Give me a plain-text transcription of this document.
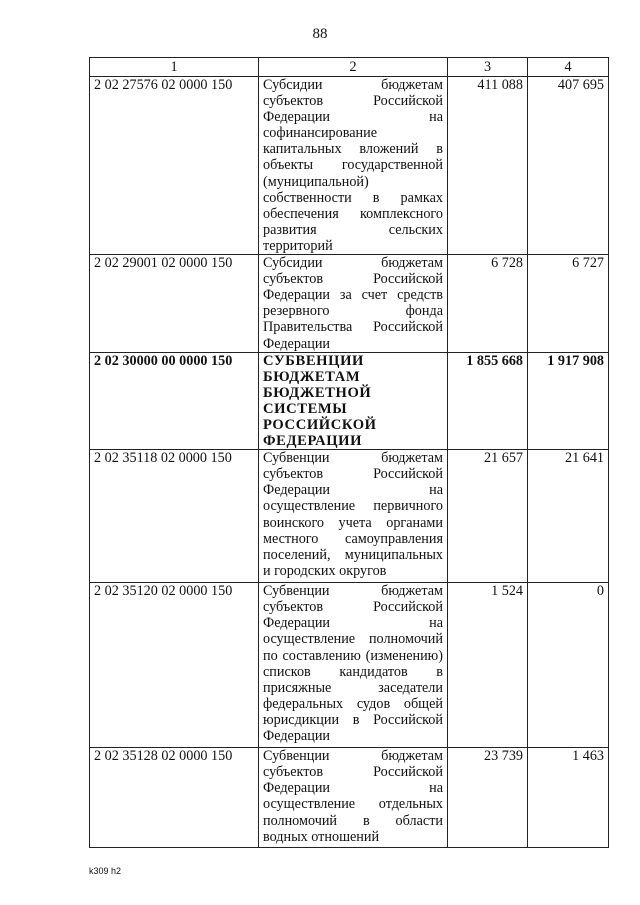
88
1	2	3	4
2 02 27576 02 0000 150	Субсидии бюджетам субъектов Российской Федерации на софинансирование капитальных вложений в объекты государственной (муниципальной) собственности в рамках обеспечения комплексного развития сельских территорий	411 088	407 695
2 02 29001 02 0000 150	Субсидии бюджетам субъектов Российской Федерации за счет средств резервного фонда Правительства Российской Федерации	6 728	6 727
2 02 30000 00 0000 150	СУБВЕНЦИИ БЮДЖЕТАМ БЮДЖЕТНОЙ СИСТЕМЫ РОССИЙСКОЙ ФЕДЕРАЦИИ	1 855 668	1 917 908
2 02 35118 02 0000 150	Субвенции бюджетам субъектов Российской Федерации на осуществление первичного воинского учета органами местного самоуправления поселений, муниципальных и городских округов	21 657	21 641
2 02 35120 02 0000 150	Субвенции бюджетам субъектов Российской Федерации на осуществление полномочий по составлению (изменению) списков кандидатов в присяжные заседатели федеральных судов общей юрисдикции в Российской Федерации	1 524	0
2 02 35128 02 0000 150	Субвенции бюджетам субъектов Российской Федерации на осуществление отдельных полномочий в области водных отношений	23 739	1 463
k309 h2
